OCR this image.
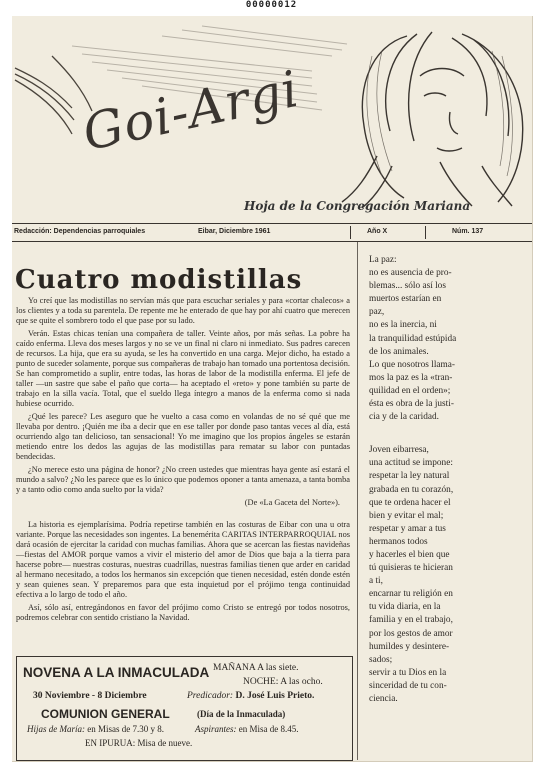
00000012
Goi-Argi
Hoja de la Congregación Mariana
Redacción: Dependencias parroquiales	Eibar, Diciembre 1961	Año X	Núm. 137
Cuatro modistillas

Yo creí que las modistillas no servían más que para escuchar seriales y para «cortar chalecos» a los clientes y a toda su parentela. De repente me he enterado de que hay por ahí cuatro que merecen que se quite el sombrero todo el que pase por su lado.

Verán. Estas chicas tenían una compañera de taller. Veinte años, por más señas. La pobre ha caído enferma. Lleva dos meses largos y no se ve un final ni claro ni inmediato. Sus padres carecen de recursos. La hija, que era su ayuda, se les ha convertido en una carga. Mejor dicho, ha estado a punto de suceder solamente, porque sus compañeras de trabajo han tomado una portentosa decisión. Se han comprometido a suplir, entre todas, las horas de labor de la modistilla enferma. El jefe de taller —un sastre que sabe el paño que corta— ha aceptado el «reto» y pone también su parte de trabajo en la silla vacía. Total, que el sueldo llega íntegro a manos de la enferma como si nada hubiese ocurrido.

¿Qué les parece? Les aseguro que he vuelto a casa como en volandas de no sé qué que me llevaba por dentro. ¡Quién me iba a decir que en ese taller por donde paso tantas veces al día, está ocurriendo algo tan delicioso, tan sensacional! Yo me imagino que los propios ángeles se estarán metiendo entre los dedos las agujas de las modistillas para rematar su labor con puntadas bendecidas.

¿No merece esto una página de honor? ¿No creen ustedes que mientras haya gente así estará el mundo a salvo? ¿No les parece que es lo único que podemos oponer a tanta amenaza, a tanta bomba y a tanto odio como anda suelto por la vida?

(De «La Gaceta del Norte»).

La historia es ejemplarísima. Podría repetirse también en las costuras de Eibar con una u otra variante. Porque las necesidades son ingentes. La benemérita CARITAS INTERPARROQUIAL nos dará ocasión de ejercitar la caridad con muchas familias. Ahora que se acercan las fiestas navideñas —fiestas del AMOR porque vamos a vivir el misterio del amor de Dios que baja a la tierra para hacerse pobre— nuestras costuras, nuestras cuadrillas, nuestras familias tienen que arder en caridad al hermano necesitado, a todos los hermanos sin excepción que tienen necesidad, estén donde estén y sean quienes sean. Y preparemos para que esta inquietud por el prójimo tenga continuidad efectiva a lo largo de todo el año.

Así, sólo así, entregándonos en favor del prójimo como Cristo se entregó por todos nosotros, podremos celebrar con sentido cristiano la Navidad.

La paz:
no es ausencia de pro-
blemas... sólo así los
muertos estarían en
paz,
no es la inercia, ni
la tranquilidad estúpida
de los animales.
Lo que nosotros llama-
mos la paz es la «tran-
quilidad en el orden»;
ésta es obra de la justi-
cia y de la caridad.
Joven eibarresa,
una actitud se impone:
respetar la ley natural
grabada en tu corazón,
que te ordena hacer el
bien y evitar el mal;
respetar y amar a tus
hermanos todos
y hacerles el bien que
tú quisieras te hicieran
a ti,
encarnar tu religión en
tu vida diaria, en la
familia y en el trabajo,
por los gestos de amor
humildes y desintere-
sados;
servir a tu Dios en la
sinceridad de tu con-
ciencia.
NOVENA A LA INMACULADA
30 Noviembre - 8 Diciembre
COMUNION GENERAL
Hijas de María: en Misas de 7.30 y 8.
EN IPURUA: Misa de nueve.
MAÑANA A las siete.
NOCHE: A las ocho.
Predicador: D. José Luis Prieto.
(Día de la Inmaculada)
Aspirantes: en Misa de 8.45.
